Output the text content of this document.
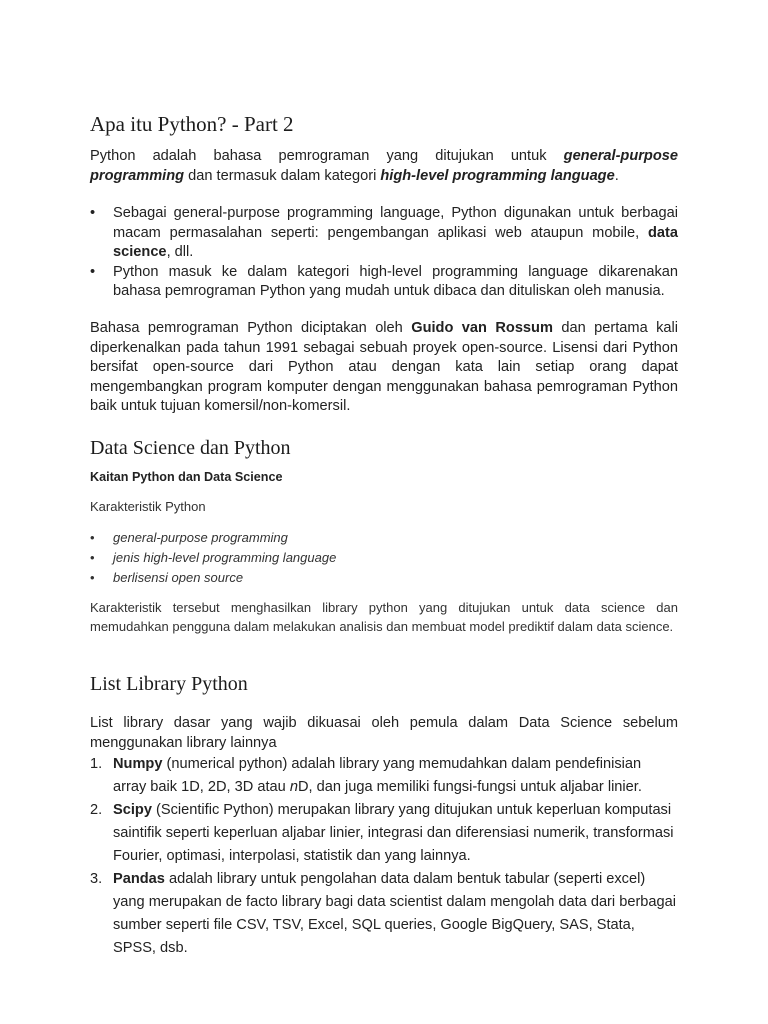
Apa itu Python? - Part 2

Python adalah bahasa pemrograman yang ditujukan untuk general-purpose programming dan termasuk dalam kategori high-level programming language.

• Sebagai general-purpose programming language, Python digunakan untuk berbagai macam permasalahan seperti: pengembangan aplikasi web ataupun mobile, data science, dll.
• Python masuk ke dalam kategori high-level programming language dikarenakan bahasa pemrograman Python yang mudah untuk dibaca dan dituliskan oleh manusia.

Bahasa pemrograman Python diciptakan oleh Guido van Rossum dan pertama kali diperkenalkan pada tahun 1991 sebagai sebuah proyek open-source. Lisensi dari Python bersifat open-source dari Python atau dengan kata lain setiap orang dapat mengembangkan program komputer dengan menggunakan bahasa pemrograman Python baik untuk tujuan komersil/non-komersil.

Data Science dan Python
Kaitan Python dan Data Science
Karakteristik Python
• general-purpose programming
• jenis high-level programming language
• berlisensi open source

Karakteristik tersebut menghasilkan library python yang ditujukan untuk data science dan memudahkan pengguna dalam melakukan analisis dan membuat model prediktif dalam data science.

List Library Python

List library dasar yang wajib dikuasai oleh pemula dalam Data Science sebelum menggunakan library lainnya

1. Numpy (numerical python) adalah library yang memudahkan dalam pendefinisian array baik 1D, 2D, 3D atau nD, dan juga memiliki fungsi-fungsi untuk aljabar linier.
2. Scipy (Scientific Python) merupakan library yang ditujukan untuk keperluan komputasi saintifik seperti keperluan aljabar linier, integrasi dan diferensiasi numerik, transformasi Fourier, optimasi, interpolasi, statistik dan yang lainnya.
3. Pandas adalah library untuk pengolahan data dalam bentuk tabular (seperti excel) yang merupakan de facto library bagi data scientist dalam mengolah data dari berbagai sumber seperti file CSV, TSV, Excel, SQL queries, Google BigQuery, SAS, Stata, SPSS, dsb.
